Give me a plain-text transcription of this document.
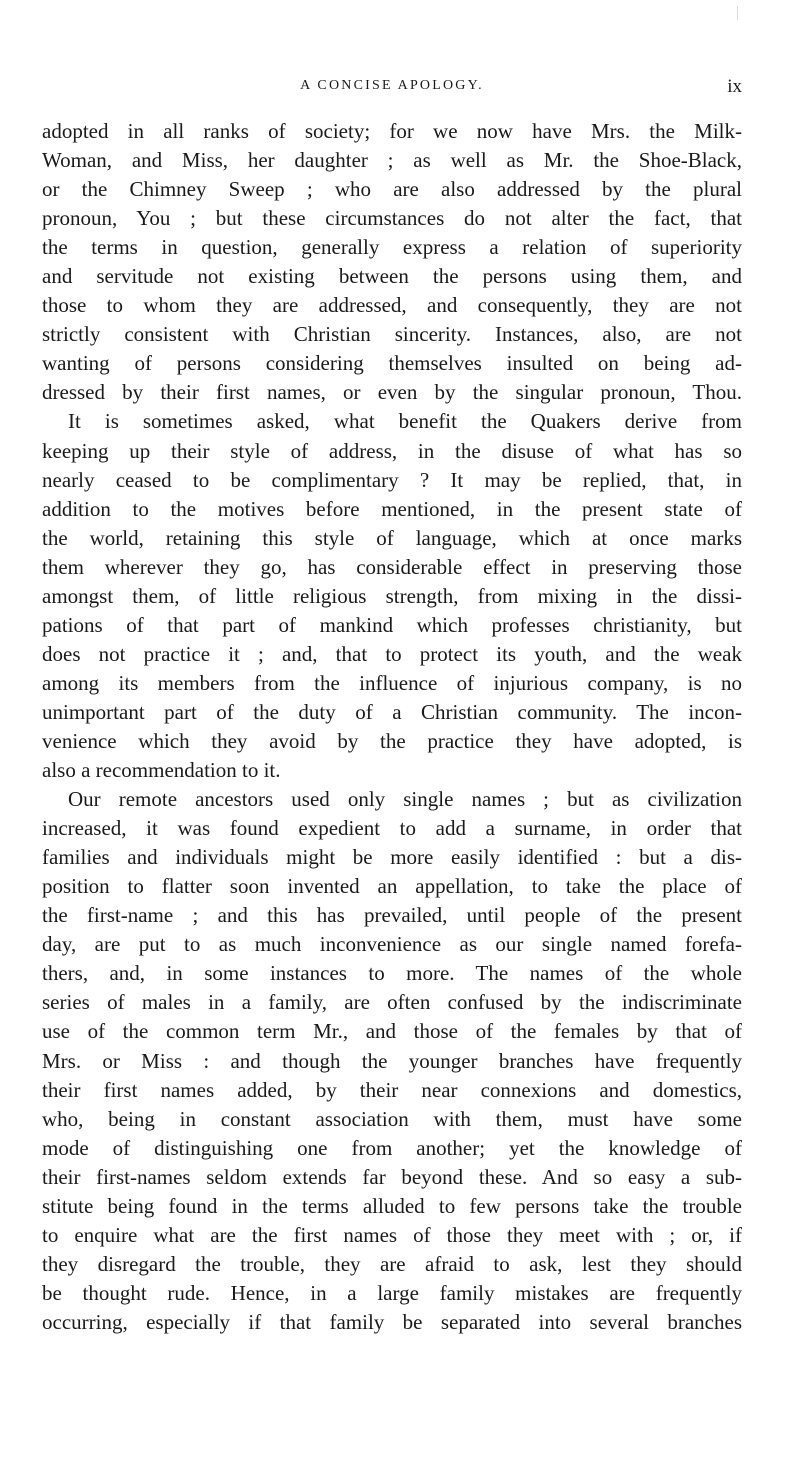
A CONCISE APOLOGY.	ix
adopted in all ranks of society; for we now have Mrs. the Milk-
Woman, and Miss, her daughter ; as well as Mr. the Shoe-Black,
or the Chimney Sweep ; who are also addressed by the plural
pronoun, You ; but these circumstances do not alter the fact, that
the terms in question, generally express a relation of superiority
and servitude not existing between the persons using them, and
those to whom they are addressed, and consequently, they are not
strictly consistent with Christian sincerity. Instances, also, are not
wanting of persons considering themselves insulted on being ad-
dressed by their first names, or even by the singular pronoun, Thou.
It is sometimes asked, what benefit the Quakers derive from
keeping up their style of address, in the disuse of what has so
nearly ceased to be complimentary ? It may be replied, that, in
addition to the motives before mentioned, in the present state of
the world, retaining this style of language, which at once marks
them wherever they go, has considerable effect in preserving those
amongst them, of little religious strength, from mixing in the dissi-
pations of that part of mankind which professes christianity, but
does not practice it ; and, that to protect its youth, and the weak
among its members from the influence of injurious company, is no
unimportant part of the duty of a Christian community. The incon-
venience which they avoid by the practice they have adopted, is
also a recommendation to it.
Our remote ancestors used only single names ; but as civilization
increased, it was found expedient to add a surname, in order that
families and individuals might be more easily identified : but a dis-
position to flatter soon invented an appellation, to take the place of
the first-name ; and this has prevailed, until people of the present
day, are put to as much inconvenience as our single named forefa-
thers, and, in some instances to more. The names of the whole
series of males in a family, are often confused by the indiscriminate
use of the common term Mr., and those of the females by that of
Mrs. or Miss : and though the younger branches have frequently
their first names added, by their near connexions and domestics,
who, being in constant association with them, must have some
mode of distinguishing one from another; yet the knowledge of
their first-names seldom extends far beyond these. And so easy a sub-
stitute being found in the terms alluded to few persons take the trouble
to enquire what are the first names of those they meet with ; or, if
they disregard the trouble, they are afraid to ask, lest they should
be thought rude. Hence, in a large family mistakes are frequently
occurring, especially if that family be separated into several branches
